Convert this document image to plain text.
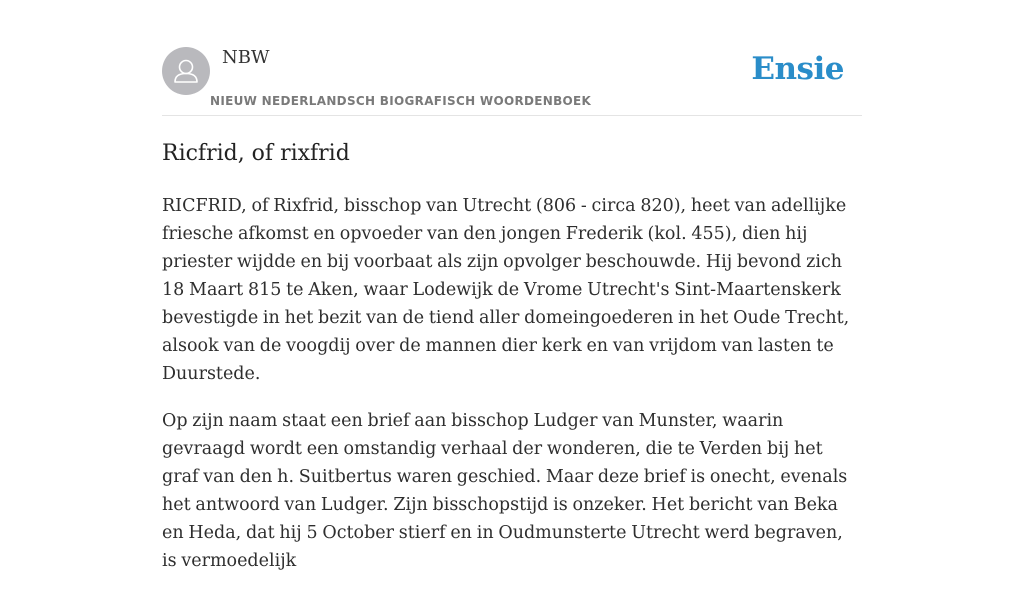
NBW
NIEUW NEDERLANDSCH BIOGRAFISCH WOORDENBOEK
Ensie
Ricfrid, of rixfrid

RICFRID, of Rixfrid, bisschop van Utrecht (806 - circa 820), heet van adellijke friesche afkomst en opvoeder van den jongen Frederik (kol. 455), dien hij priester wijdde en bij voorbaat als zijn opvolger beschouwde. Hij bevond zich 18 Maart 815 te Aken, waar Lodewijk de Vrome Utrecht's Sint-Maartenskerk bevestigde in het bezit van de tiend aller domeingoederen in het Oude Trecht, alsook van de voogdij over de mannen dier kerk en van vrijdom van lasten te Duurstede.

Op zijn naam staat een brief aan bisschop Ludger van Munster, waarin gevraagd wordt een omstandig verhaal der wonderen, die te Verden bij het graf van den h. Suitbertus waren geschied. Maar deze brief is onecht, evenals het antwoord van Ludger. Zijn bisschopstijd is onzeker. Het bericht van Beka en Heda, dat hij 5 October stierf en in Oudmunsterte Utrecht werd begraven, is vermoedelijk
